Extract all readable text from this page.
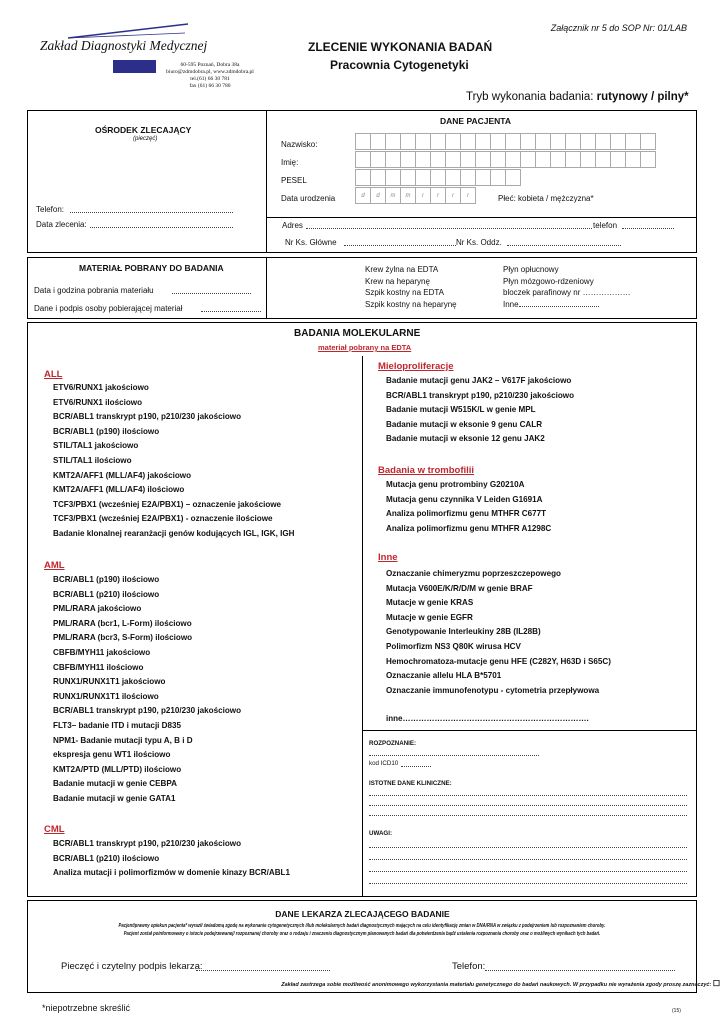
Załącznik nr 5 do SOP Nr: 01/LAB
Zakład Diagnostyki Medycznej
60-595 Poznań, Dobra 38a
biuro@zdmdobra.pl, www.zdmdobra.pl
tel.(61) 66 30 781
fax (61) 66 30 780
ZLECENIE WYKONANIA BADAŃ
Pracownia Cytogenetyki
Tryb wykonania badania: rutynowy / pilny*
OŚRODEK ZLECAJĄCY
(pieczęć)
Telefon:
Data zlecenia:
DANE PACJENTA
Nazwisko:
Imię:
PESEL
Data urodzenia	Płeć: kobieta / mężczyzna*
d	d	m	m	r	r	r	r
Adres	telefon
Nr Ks. Główne	Nr Ks. Oddz.
MATERIAŁ POBRANY DO BADANIA
Data i godzina pobrania materiału
Dane i podpis osoby pobierającej materiał
Krew żylna na EDTA
Krew na heparynę
Szpik kostny na EDTA
Szpik kostny na heparynę
Płyn opłucnowy
Płyn mózgowo-rdzeniowy
bloczek parafinowy nr ………………
Inne
BADANIA MOLEKULARNE
materiał pobrany na EDTA
ALL
ETV6/RUNX1 jakościowo
ETV6/RUNX1 ilościowo
BCR/ABL1 transkrypt p190, p210/230 jakościowo
BCR/ABL1 (p190) ilościowo
STIL/TAL1 jakościowo
STIL/TAL1 ilościowo
KMT2A/AFF1 (MLL/AF4) jakościowo
KMT2A/AFF1 (MLL/AF4) ilościowo
TCF3/PBX1 (wcześniej E2A/PBX1) – oznaczenie jakościowe
TCF3/PBX1 (wcześniej E2A/PBX1) - oznaczenie ilościowe
Badanie klonalnej rearanżacji genów kodujących IGL, IGK, IGH
AML
BCR/ABL1 (p190) ilościowo
BCR/ABL1 (p210) ilościowo
PML/RARA jakościowo
PML/RARA (bcr1, L-Form) ilościowo
PML/RARA (bcr3, S-Form) ilościowo
CBFB/MYH11 jakościowo
CBFB/MYH11 ilościowo
RUNX1/RUNX1T1 jakościowo
RUNX1/RUNX1T1 ilościowo
BCR/ABL1 transkrypt p190, p210/230 jakościowo
FLT3– badanie ITD i mutacji D835
NPM1- Badanie mutacji typu A, B i D
ekspresja genu WT1 ilościowo
KMT2A/PTD (MLL/PTD) ilościowo
Badanie mutacji w genie CEBPA
Badanie mutacji w genie GATA1
CML
BCR/ABL1 transkrypt p190, p210/230 jakościowo
BCR/ABL1 (p210) ilościowo
Analiza mutacji i polimorfizmów w domenie kinazy BCR/ABL1
Mieloproliferacje
Badanie mutacji genu JAK2 – V617F jakościowo
BCR/ABL1 transkrypt p190, p210/230 jakościowo
Badanie mutacji W515K/L w genie MPL
Badanie mutacji w eksonie 9 genu CALR
Badanie mutacji w eksonie 12 genu JAK2
Badania w trombofilii
Mutacja genu protrombiny G20210A
Mutacja genu czynnika V Leiden G1691A
Analiza polimorfizmu genu MTHFR C677T
Analiza polimorfizmu genu MTHFR A1298C
Inne
Oznaczanie chimeryzmu poprzeszczepowego
Mutacja V600E/K/R/D/M w genie BRAF
Mutacje w genie KRAS
Mutacje w genie EGFR
Genotypowanie Interleukiny 28B (IL28B)
Polimorfizm NS3 Q80K wirusa HCV
Hemochromatoza-mutacje genu HFE (C282Y, H63D i S65C)
Oznaczanie allelu HLA B*5701
Oznaczanie immunofenotypu - cytometria przepływowa
inne…………………………………………………………….
ROZPOZNANIE:
kod ICD10
ISTOTNE DANE KLINICZNE:
UWAGI:
DANE LEKARZA ZLECAJĄCEGO BADANIE
Pacjent/prawny opiekun pacjenta* wyraził świadomą zgodę na wykonanie cytogenetycznych i/lub molekularnych badań diagnostycznych mających na celu identyfikację zmian w DNA/RNA w związku z podejrzeniem lub rozpoznaniem choroby.
Pacjent został poinformowany o istocie podejrzewanej/ rozpoznanej choroby oraz o rodzaju i znaczeniu diagnostycznym planowanych badań dla potwierdzenia bądź ustalenia rozpoznania choroby oraz o możliwych wynikach tych badań.
Pieczęć i czytelny podpis lekarza:	Telefon:
Zakład zastrzega sobie możliwość anonimowego wykorzystania materiału genetycznego do badań naukowych. W przypadku nie wyrażenia zgody proszę zaznaczyć: ☐
*niepotrzebne skreślić	(15)
